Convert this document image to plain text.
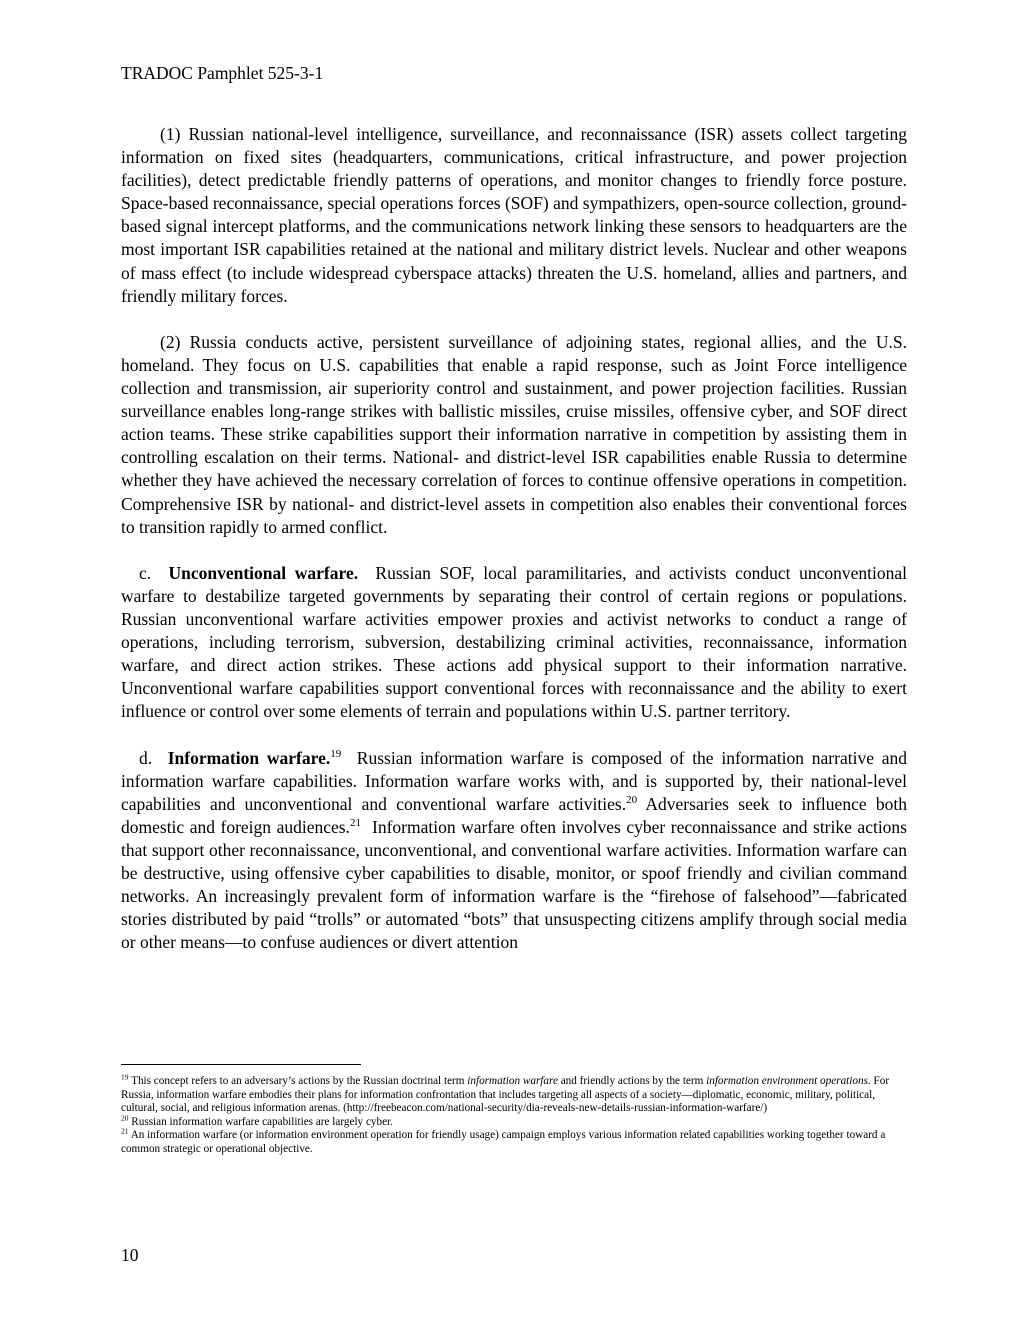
TRADOC Pamphlet 525-3-1

(1) Russian national-level intelligence, surveillance, and reconnaissance (ISR) assets collect targeting information on fixed sites (headquarters, communications, critical infrastructure, and power projection facilities), detect predictable friendly patterns of operations, and monitor changes to friendly force posture. Space-based reconnaissance, special operations forces (SOF) and sympathizers, open-source collection, ground-based signal intercept platforms, and the communications network linking these sensors to headquarters are the most important ISR capabilities retained at the national and military district levels. Nuclear and other weapons of mass effect (to include widespread cyberspace attacks) threaten the U.S. homeland, allies and partners, and friendly military forces.

(2) Russia conducts active, persistent surveillance of adjoining states, regional allies, and the U.S. homeland. They focus on U.S. capabilities that enable a rapid response, such as Joint Force intelligence collection and transmission, air superiority control and sustainment, and power projection facilities. Russian surveillance enables long-range strikes with ballistic missiles, cruise missiles, offensive cyber, and SOF direct action teams. These strike capabilities support their information narrative in competition by assisting them in controlling escalation on their terms. National- and district-level ISR capabilities enable Russia to determine whether they have achieved the necessary correlation of forces to continue offensive operations in competition. Comprehensive ISR by national- and district-level assets in competition also enables their conventional forces to transition rapidly to armed conflict.

c. Unconventional warfare. Russian SOF, local paramilitaries, and activists conduct unconventional warfare to destabilize targeted governments by separating their control of certain regions or populations. Russian unconventional warfare activities empower proxies and activist networks to conduct a range of operations, including terrorism, subversion, destabilizing criminal activities, reconnaissance, information warfare, and direct action strikes. These actions add physical support to their information narrative. Unconventional warfare capabilities support conventional forces with reconnaissance and the ability to exert influence or control over some elements of terrain and populations within U.S. partner territory.

d. Information warfare.$^{19}$ Russian information warfare is composed of the information narrative and information warfare capabilities. Information warfare works with, and is supported by, their national-level capabilities and unconventional and conventional warfare activities.$^{20}$ Adversaries seek to influence both domestic and foreign audiences.$^{21}$ Information warfare often involves cyber reconnaissance and strike actions that support other reconnaissance, unconventional, and conventional warfare activities. Information warfare can be destructive, using offensive cyber capabilities to disable, monitor, or spoof friendly and civilian command networks. An increasingly prevalent form of information warfare is the “firehose of falsehood”—fabricated stories distributed by paid “trolls” or automated “bots” that unsuspecting citizens amplify through social media or other means—to confuse audiences or divert attention

$^{19}$ This concept refers to an adversary’s actions by the Russian doctrinal term information warfare and friendly actions by the term information environment operations. For Russia, information warfare embodies their plans for information confrontation that includes targeting all aspects of a society—diplomatic, economic, military, political, cultural, social, and religious information arenas. (http://freebeacon.com/national-security/dia-reveals-new-details-russian-information-warfare/)

$^{20}$ Russian information warfare capabilities are largely cyber.

$^{21}$ An information warfare (or information environment operation for friendly usage) campaign employs various information related capabilities working together toward a common strategic or operational objective.

10
